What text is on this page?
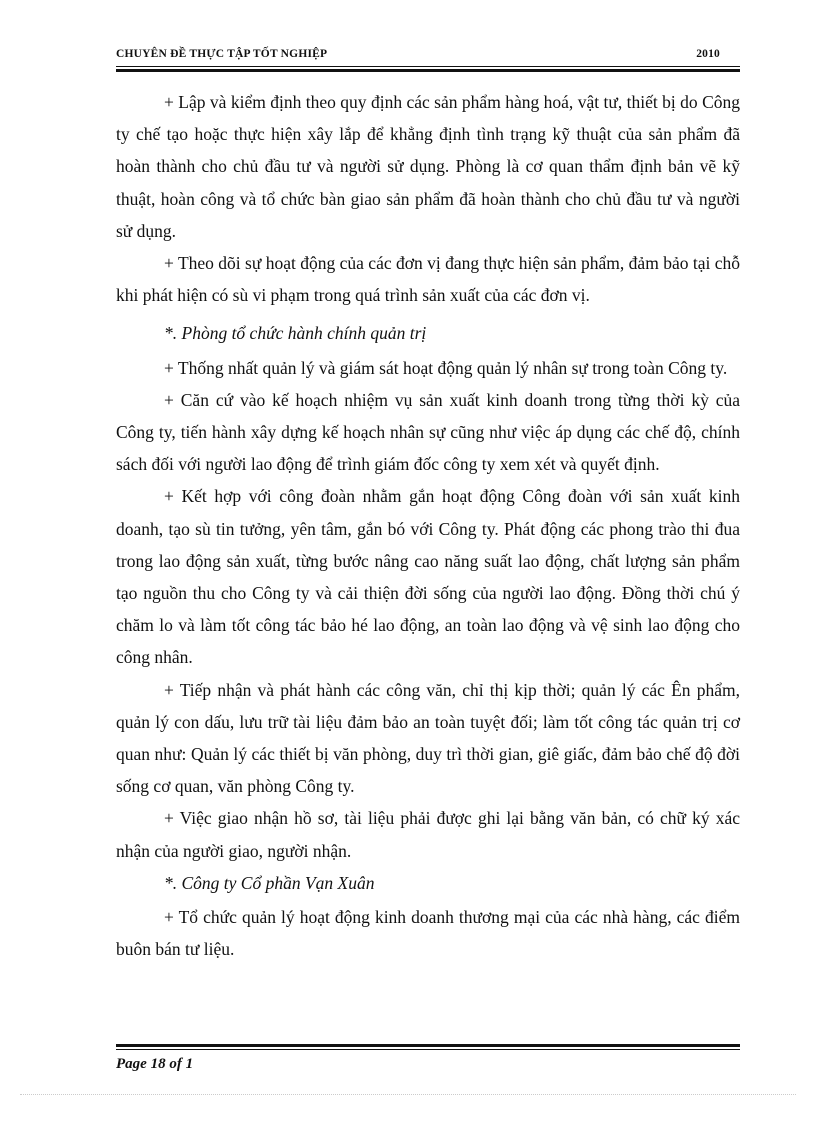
CHUYÊN ĐỀ THỰC TẬP TỐT NGHIỆP	2010

+ Lập và kiểm định theo quy định các sản phẩm hàng hoá, vật tư, thiết bị do Công ty chế tạo hoặc thực hiện xây lắp để khẳng định tình trạng kỹ thuật của sản phẩm đã hoàn thành cho chủ đầu tư và người sử dụng. Phòng là cơ quan thẩm định bản vẽ kỹ thuật, hoàn công và tổ chức bàn giao sản phẩm đã hoàn thành cho chủ đầu tư và người sử dụng.

+ Theo dõi sự hoạt động của các đơn vị đang thực hiện sản phẩm, đảm bảo tại chỗ khi phát hiện có sù vi phạm trong quá trình sản xuất của các đơn vị.

*. Phòng tổ chức hành chính quản trị

+ Thống nhất quản lý và giám sát hoạt động quản lý nhân sự trong toàn Công ty.

+ Căn cứ vào kế hoạch nhiệm vụ sản xuất kinh doanh trong từng thời kỳ của Công ty, tiến hành xây dựng kế hoạch nhân sự cũng như việc áp dụng các chế độ, chính sách đối với người lao động để trình giám đốc công ty xem xét và quyết định.

+ Kết hợp với công đoàn nhằm gắn hoạt động Công đoàn với sản xuất kinh doanh, tạo sù tin tưởng, yên tâm, gắn bó với Công ty. Phát động các phong trào thi đua trong lao động sản xuất, từng bước nâng cao năng suất lao động, chất lượng sản phẩm tạo nguồn thu cho Công ty và cải thiện đời sống của người lao động. Đồng thời chú ý chăm lo và làm tốt công tác bảo hé lao động, an toàn lao động và vệ sinh lao động cho công nhân.

+ Tiếp nhận và phát hành các công văn, chỉ thị kịp thời; quản lý các Ên phẩm, quản lý con dấu, lưu trữ tài liệu đảm bảo an toàn tuyệt đối; làm tốt công tác quản trị cơ quan như: Quản lý các thiết bị văn phòng, duy trì thời gian, giê giấc, đảm bảo chế độ đời sống cơ quan, văn phòng Công ty.

+ Việc giao nhận hồ sơ, tài liệu phải được ghi lại bằng văn bản, có chữ ký xác nhận của người giao, người nhận.

*. Công ty Cổ phần Vạn Xuân

+ Tổ chức quản lý hoạt động kinh doanh thương mại của các nhà hàng, các điểm buôn bán tư liệu.

Page 18 of 1
